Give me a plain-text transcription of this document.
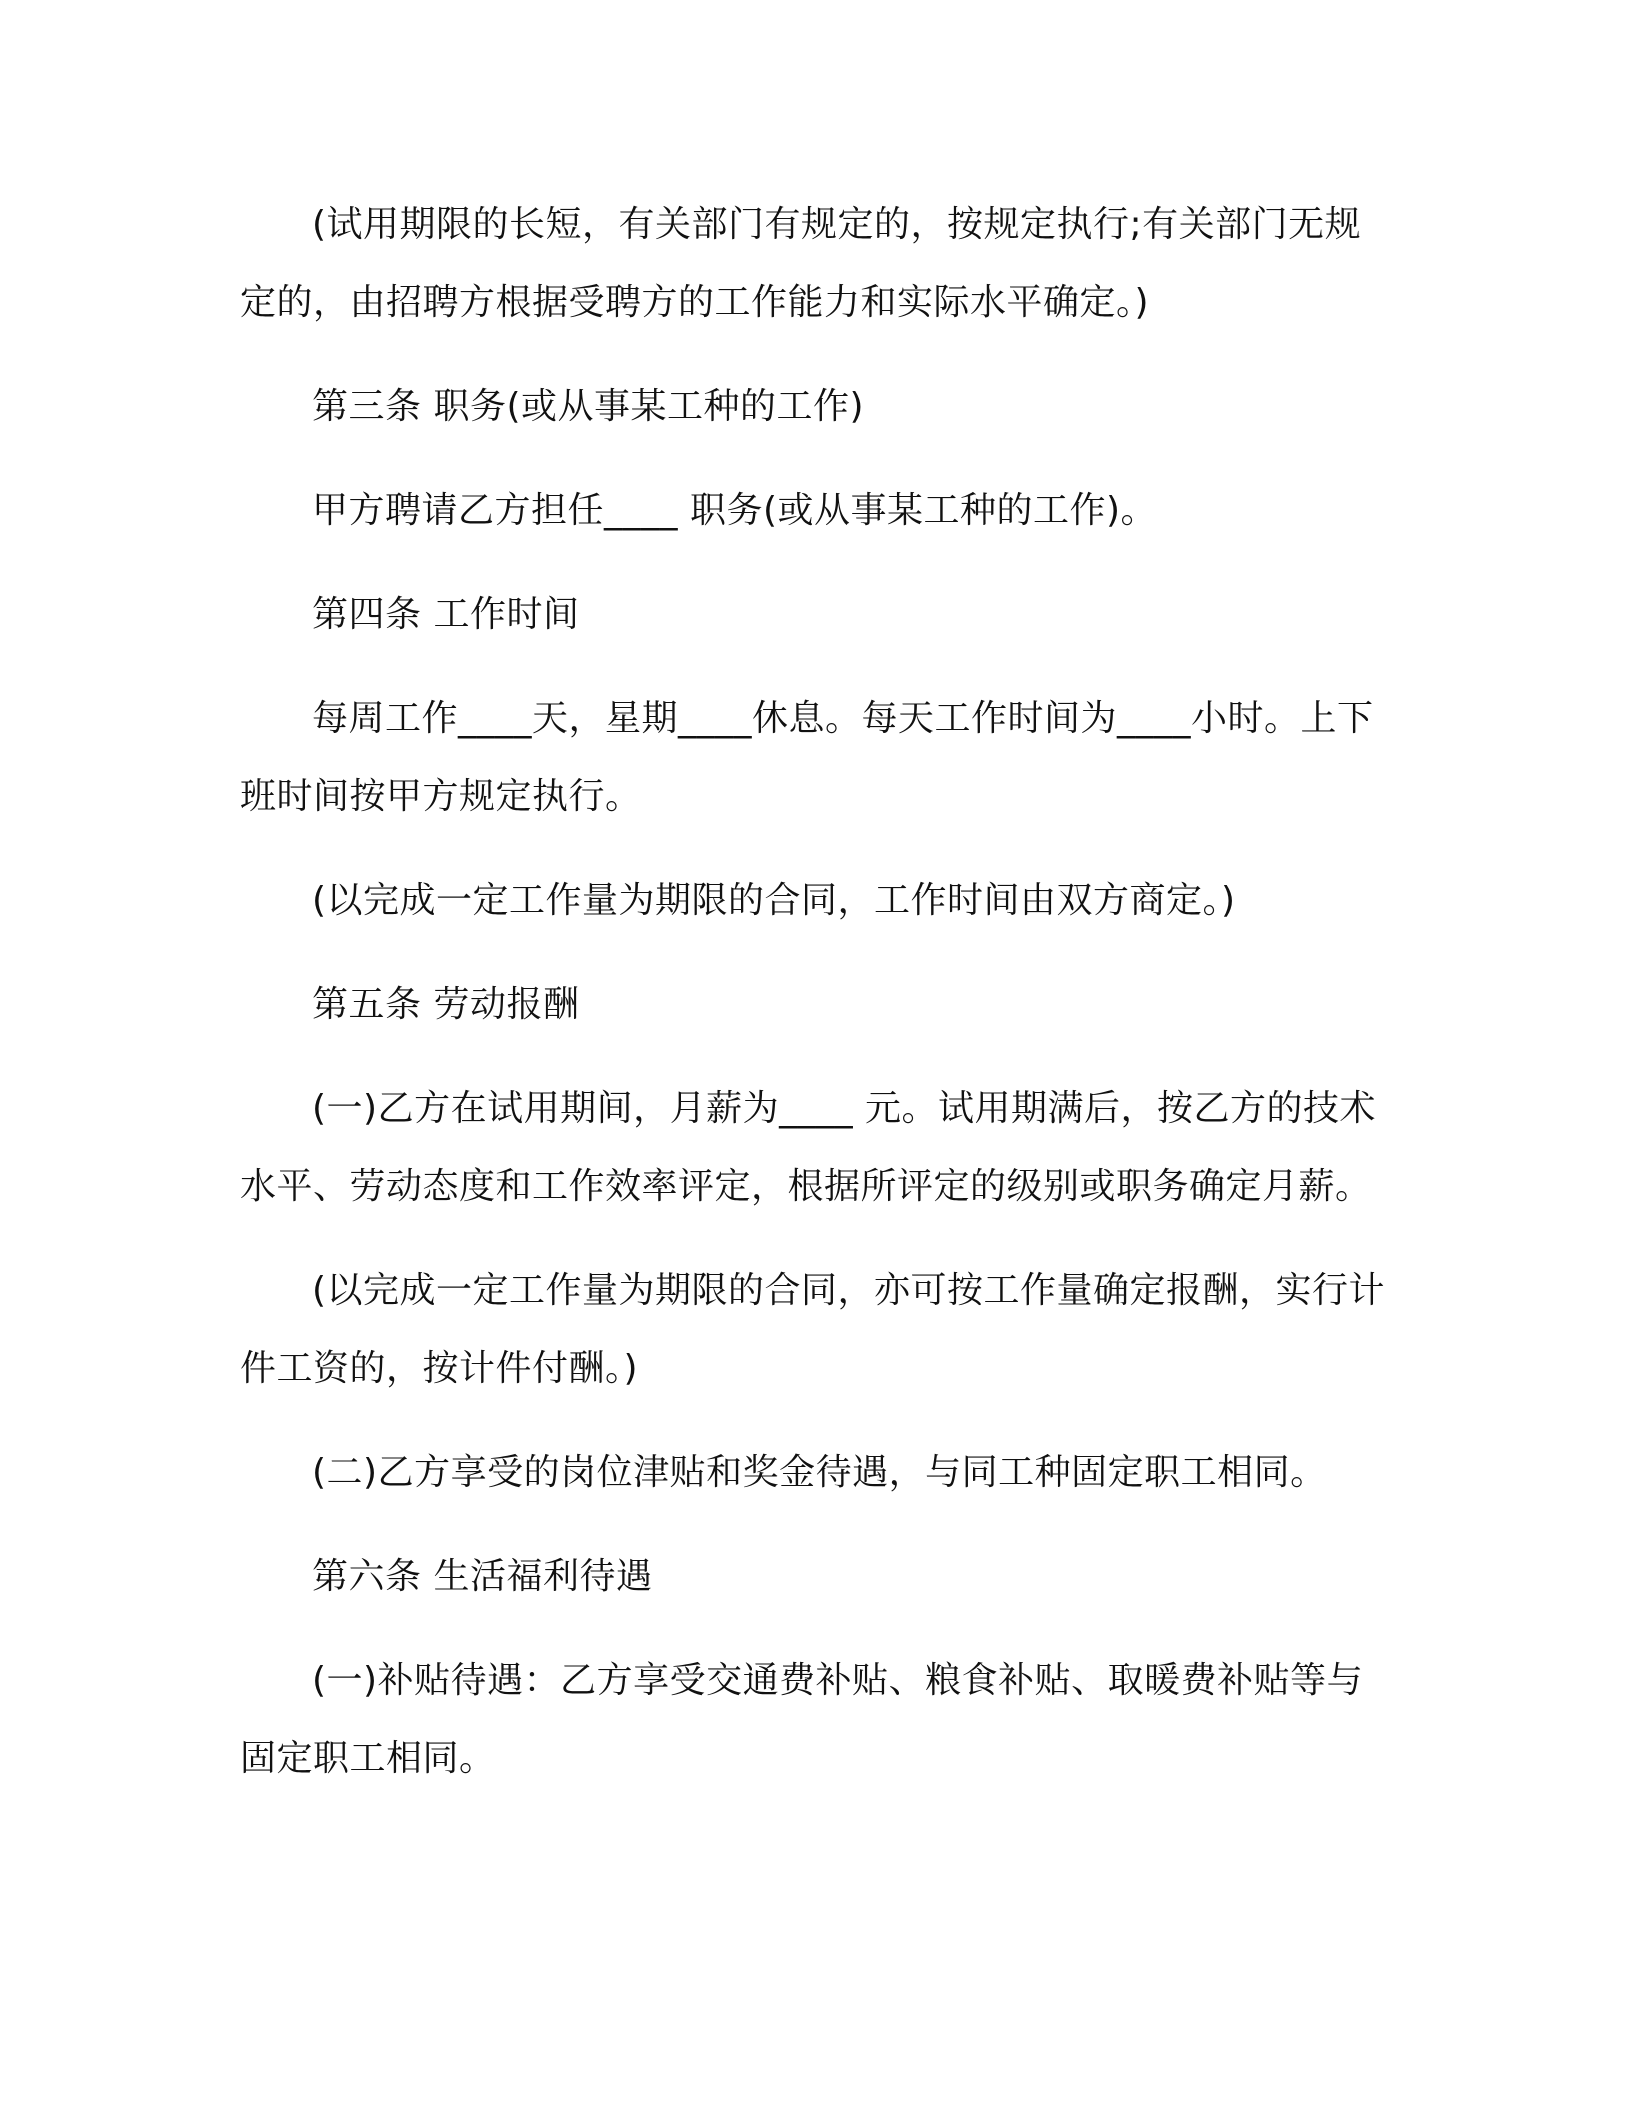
(试用期限的长短，有关部门有规定的，按规定执行;有关部门无规定的，由招聘方根据受聘方的工作能力和实际水平确定。)

第三条 职务(或从事某工种的工作)

甲方聘请乙方担任____ 职务(或从事某工种的工作)。

第四条 工作时间

每周工作____天，星期____休息。每天工作时间为____小时。上下班时间按甲方规定执行。

(以完成一定工作量为期限的合同，工作时间由双方商定。)

第五条 劳动报酬

(一)乙方在试用期间，月薪为____ 元。试用期满后，按乙方的技术水平、劳动态度和工作效率评定，根据所评定的级别或职务确定月薪。

(以完成一定工作量为期限的合同，亦可按工作量确定报酬，实行计件工资的，按计件付酬。)

(二)乙方享受的岗位津贴和奖金待遇，与同工种固定职工相同。

第六条 生活福利待遇

(一)补贴待遇：乙方享受交通费补贴、粮食补贴、取暖费补贴等与固定职工相同。
